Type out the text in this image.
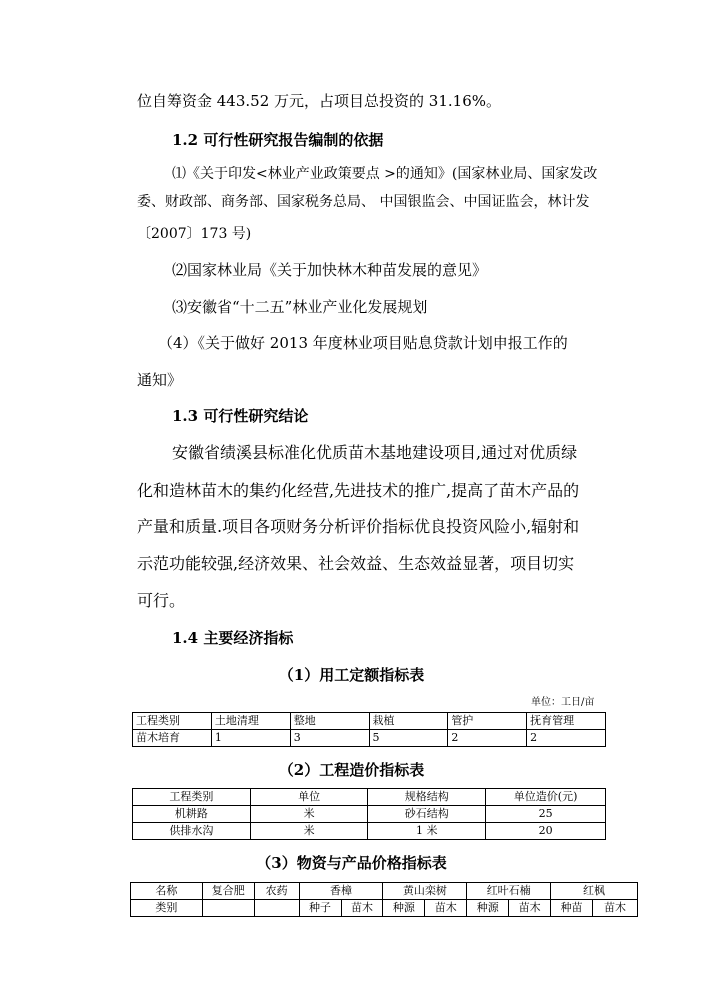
位自筹资金 443.52 万元，占项目总投资的 31.16%。
1.2 可行性研究报告编制的依据
⑴《关于印发<林业产业政策要点 >的通知》(国家林业局、国家发改
委、财政部、商务部、国家税务总局、 中国银监会、中国证监会，林计发
〔2007〕173 号)
⑵国家林业局《关于加快林木种苗发展的意见》
⑶安徽省“十二五”林业产业化发展规划
（4）《关于做好 2013 年度林业项目贴息贷款计划申报工作的
通知》
1.3 可行性研究结论
安徽省绩溪县标准化优质苗木基地建设项目,通过对优质绿
化和造林苗木的集约化经营,先进技术的推广,提高了苗木产品的
产量和质量.项目各项财务分析评价指标优良投资风险小,辐射和
示范功能较强,经济效果、社会效益、生态效益显著，项目切实
可行。
1.4 主要经济指标
（1）用工定额指标表
单位：工日/亩
工程类别	土地清理	整地	栽植	管护	抚育管理
苗木培育	1	3	5	2	2
（2）工程造价指标表
工程类别	单位	规格结构	单位造价(元)
机耕路	米	砂石结构	25
供排水沟	米	1 米	20
（3）物资与产品价格指标表
名称	复合肥	农药	香樟		黄山栾树		红叶石楠		红枫	
类别			种子	苗木	种源	苗木	种源	苗木	种苗	苗木
